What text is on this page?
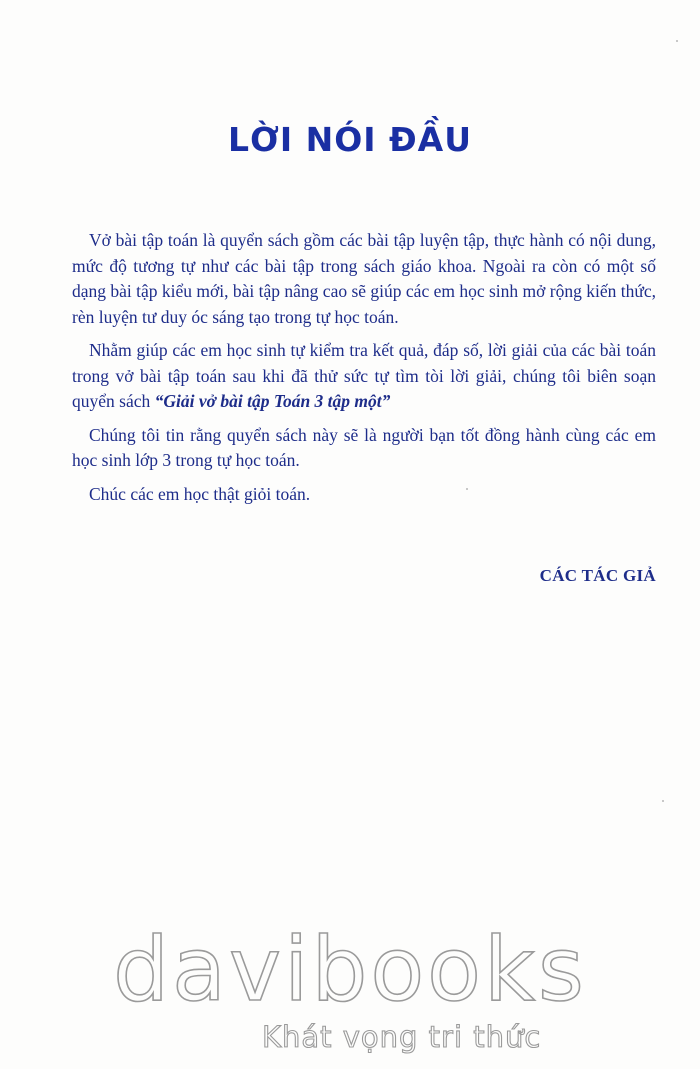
LỜI NÓI ĐẦU

Vở bài tập toán là quyển sách gồm các bài tập luyện tập, thực hành có nội dung, mức độ tương tự như các bài tập trong sách giáo khoa. Ngoài ra còn có một số dạng bài tập kiểu mới, bài tập nâng cao sẽ giúp các em học sinh mở rộng kiến thức, rèn luyện tư duy óc sáng tạo trong tự học toán.

Nhằm giúp các em học sinh tự kiểm tra kết quả, đáp số, lời giải của các bài toán trong vở bài tập toán sau khi đã thử sức tự tìm tòi lời giải, chúng tôi biên soạn quyển sách “Giải vở bài tập Toán 3 tập một”

Chúng tôi tin rằng quyển sách này sẽ là người bạn tốt đồng hành cùng các em học sinh lớp 3 trong tự học toán.

Chúc các em học thật giỏi toán.

CÁC TÁC GIẢ
davibooks
Khát vọng tri thức
